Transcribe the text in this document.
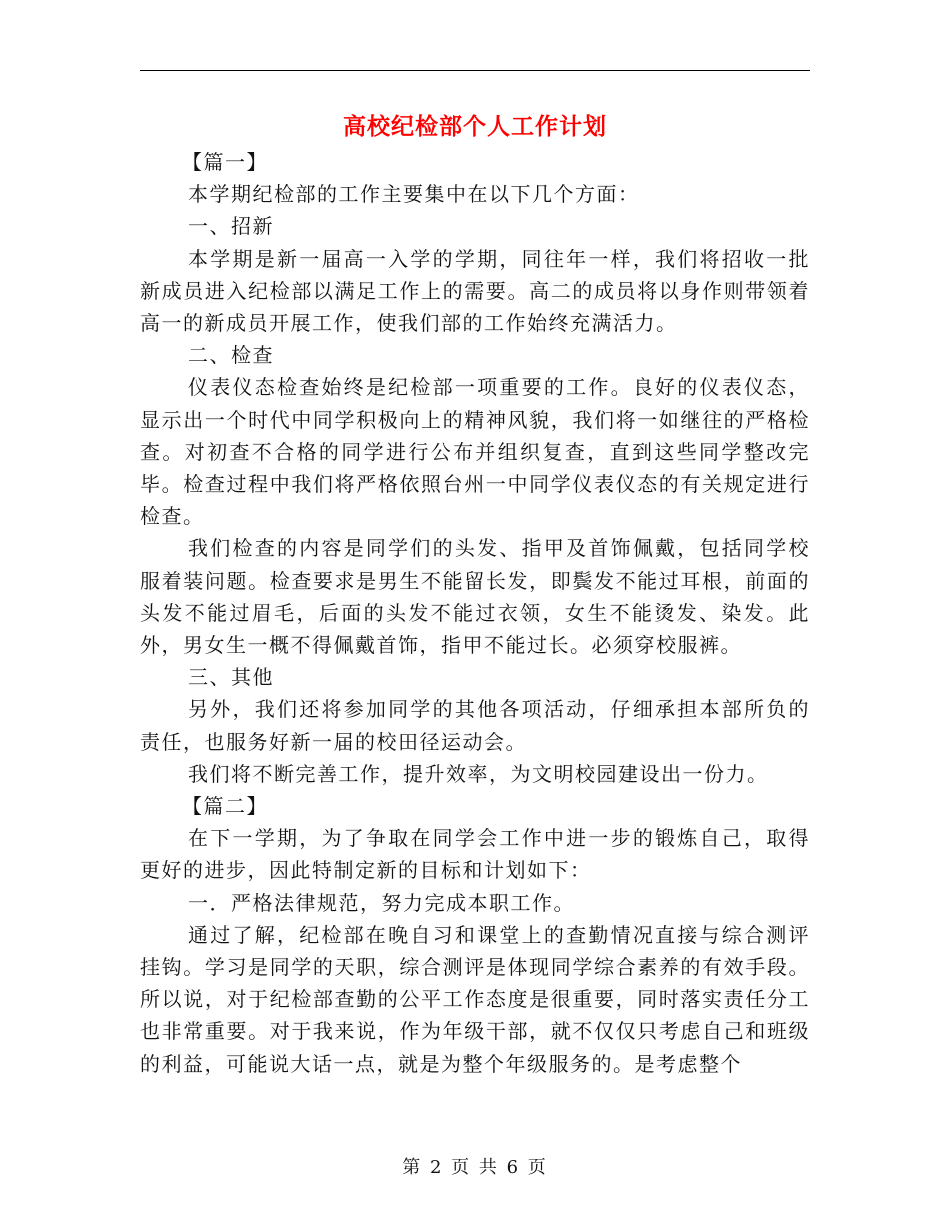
高校纪检部个人工作计划

【篇一】

本学期纪检部的工作主要集中在以下几个方面：

一、招新

本学期是新一届高一入学的学期，同往年一样，我们将招收一批新成员进入纪检部以满足工作上的需要。高二的成员将以身作则带领着高一的新成员开展工作，使我们部的工作始终充满活力。

二、检查

仪表仪态检查始终是纪检部一项重要的工作。良好的仪表仪态，显示出一个时代中同学积极向上的精神风貌，我们将一如继往的严格检查。对初查不合格的同学进行公布并组织复查，直到这些同学整改完毕。检查过程中我们将严格依照台州一中同学仪表仪态的有关规定进行检查。

我们检查的内容是同学们的头发、指甲及首饰佩戴，包括同学校服着装问题。检查要求是男生不能留长发，即鬓发不能过耳根，前面的头发不能过眉毛，后面的头发不能过衣领，女生不能烫发、染发。此外，男女生一概不得佩戴首饰，指甲不能过长。必须穿校服裤。

三、其他

另外，我们还将参加同学的其他各项活动，仔细承担本部所负的责任，也服务好新一届的校田径运动会。

我们将不断完善工作，提升效率，为文明校园建设出一份力。

【篇二】

在下一学期，为了争取在同学会工作中进一步的锻炼自己，取得更好的进步，因此特制定新的目标和计划如下：

一．严格法律规范，努力完成本职工作。

通过了解，纪检部在晚自习和课堂上的查勤情况直接与综合测评挂钩。学习是同学的天职，综合测评是体现同学综合素养的有效手段。所以说，对于纪检部查勤的公平工作态度是很重要，同时落实责任分工也非常重要。对于我来说，作为年级干部，就不仅仅只考虑自己和班级的利益，可能说大话一点，就是为整个年级服务的。是考虑整个

第 2 页 共 6 页
